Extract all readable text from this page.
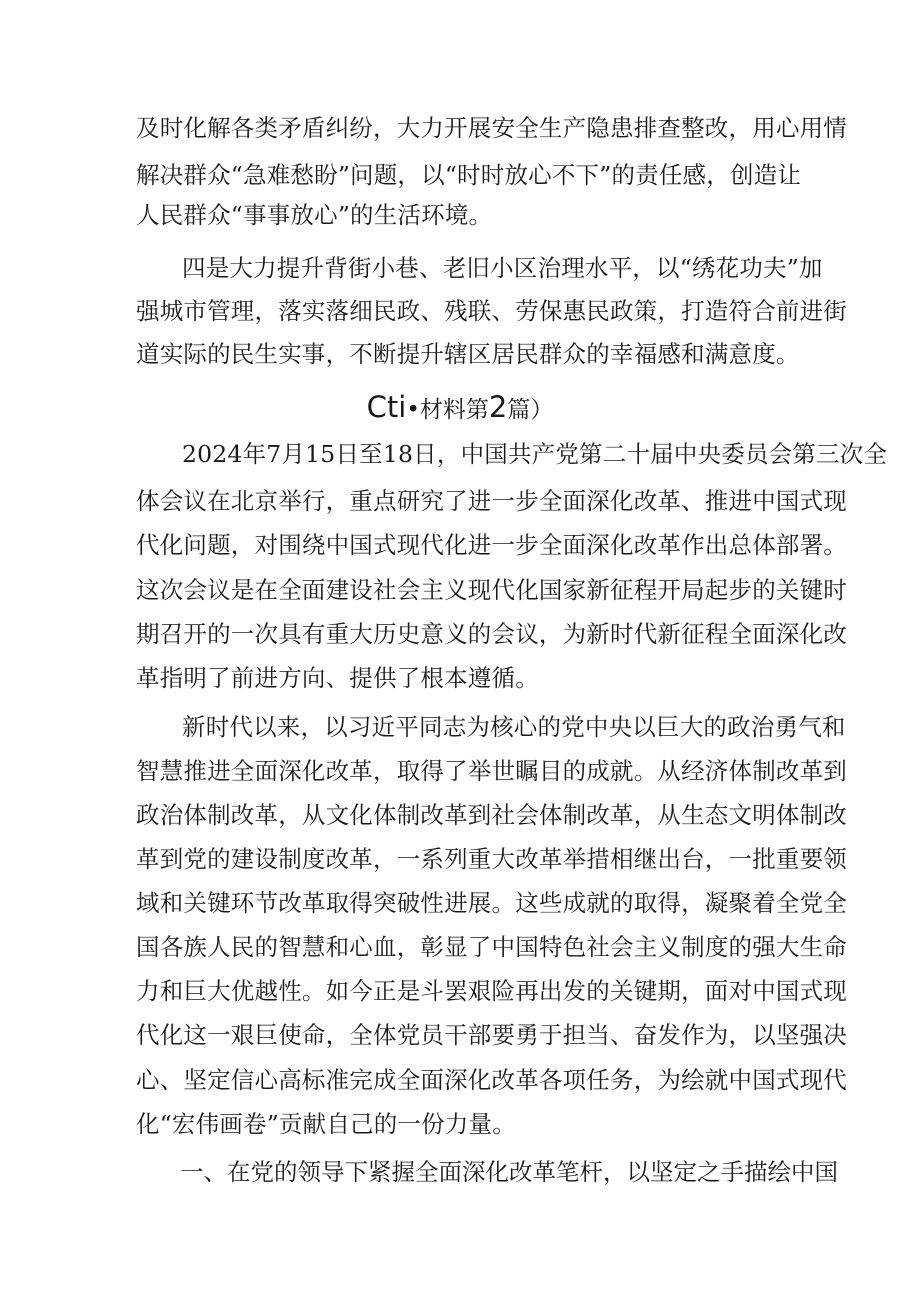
及时化解各类矛盾纠纷，大力开展安全生产隐患排查整改，用心用情
解决群众“急难愁盼”问题，以“时时放心不下”的责任感，创造让
人民群众“事事放心”的生活环境。
四是大力提升背街小巷、老旧小区治理水平，以“绣花功夫”加
强城市管理，落实落细民政、残联、劳保惠民政策，打造符合前进街
道实际的民生实事，不断提升辖区居民群众的幸福感和满意度。
Cti•材料第2篇）
2024年7月15日至18日，中国共产党第二十届中央委员会第三次全
体会议在北京举行，重点研究了进一步全面深化改革、推进中国式现
代化问题，对围绕中国式现代化进一步全面深化改革作出总体部署。
这次会议是在全面建设社会主义现代化国家新征程开局起步的关键时
期召开的一次具有重大历史意义的会议，为新时代新征程全面深化改
革指明了前进方向、提供了根本遵循。
新时代以来，以习近平同志为核心的党中央以巨大的政治勇气和
智慧推进全面深化改革，取得了举世瞩目的成就。从经济体制改革到
政治体制改革，从文化体制改革到社会体制改革，从生态文明体制改
革到党的建设制度改革，一系列重大改革举措相继出台，一批重要领
域和关键环节改革取得突破性进展。这些成就的取得，凝聚着全党全
国各族人民的智慧和心血，彰显了中国特色社会主义制度的强大生命
力和巨大优越性。如今正是斗罢艰险再出发的关键期，面对中国式现
代化这一艰巨使命，全体党员干部要勇于担当、奋发作为，以坚强决
心、坚定信心高标准完成全面深化改革各项任务，为绘就中国式现代
化“宏伟画卷”贡献自己的一份力量。
一、在党的领导下紧握全面深化改革笔杆，以坚定之手描绘中国
